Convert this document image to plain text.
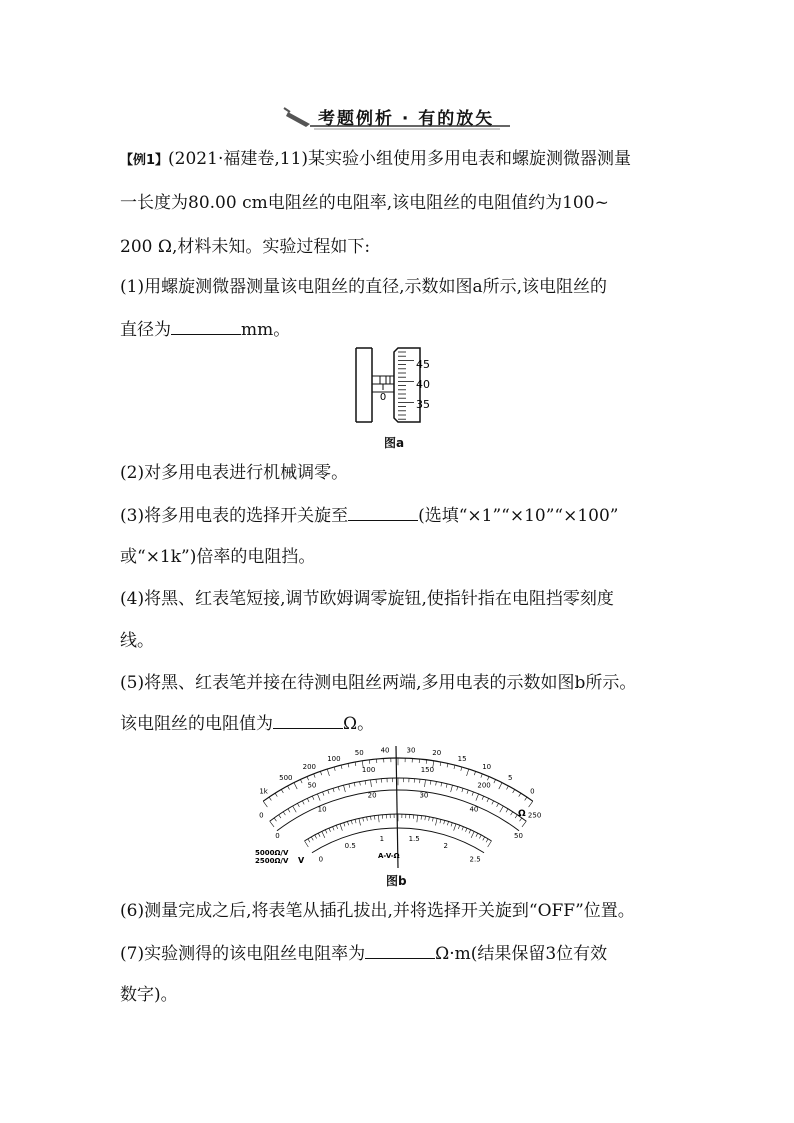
考题例析 · 有的放矢
【例1】(2021·福建卷,11)某实验小组使用多用电表和螺旋测微器测量
一长度为80.00 cm电阻丝的电阻率,该电阻丝的电阻值约为100~
200 Ω,材料未知。实验过程如下:
(1)用螺旋测微器测量该电阻丝的直径,示数如图a所示,该电阻丝的
直径为	mm。
0
45
40
35
图a
(2)对多用电表进行机械调零。
(3)将多用电表的选择开关旋至	(选填“×1”“×10”“×100”
或“×1k”)倍率的电阻挡。
(4)将黑、红表笔短接,调节欧姆调零旋钮,使指针指在电阻挡零刻度
线。
(5)将黑、红表笔并接在待测电阻丝两端,多用电表的示数如图b所示。
该电阻丝的电阻值为	Ω。
1k
500
200
100
50 40 30 20
15
10
5
0
0
50
100	150
200
250
0
10
20	30
40
50
0
0.5
1	1.5
2
2.5
Ω
5000Ω/V
2500Ω/V V	A-V-Ω
图b
(6)测量完成之后,将表笔从插孔拔出,并将选择开关旋到“OFF”位置。
(7)实验测得的该电阻丝电阻率为	Ω·m(结果保留3位有效
数字)。
